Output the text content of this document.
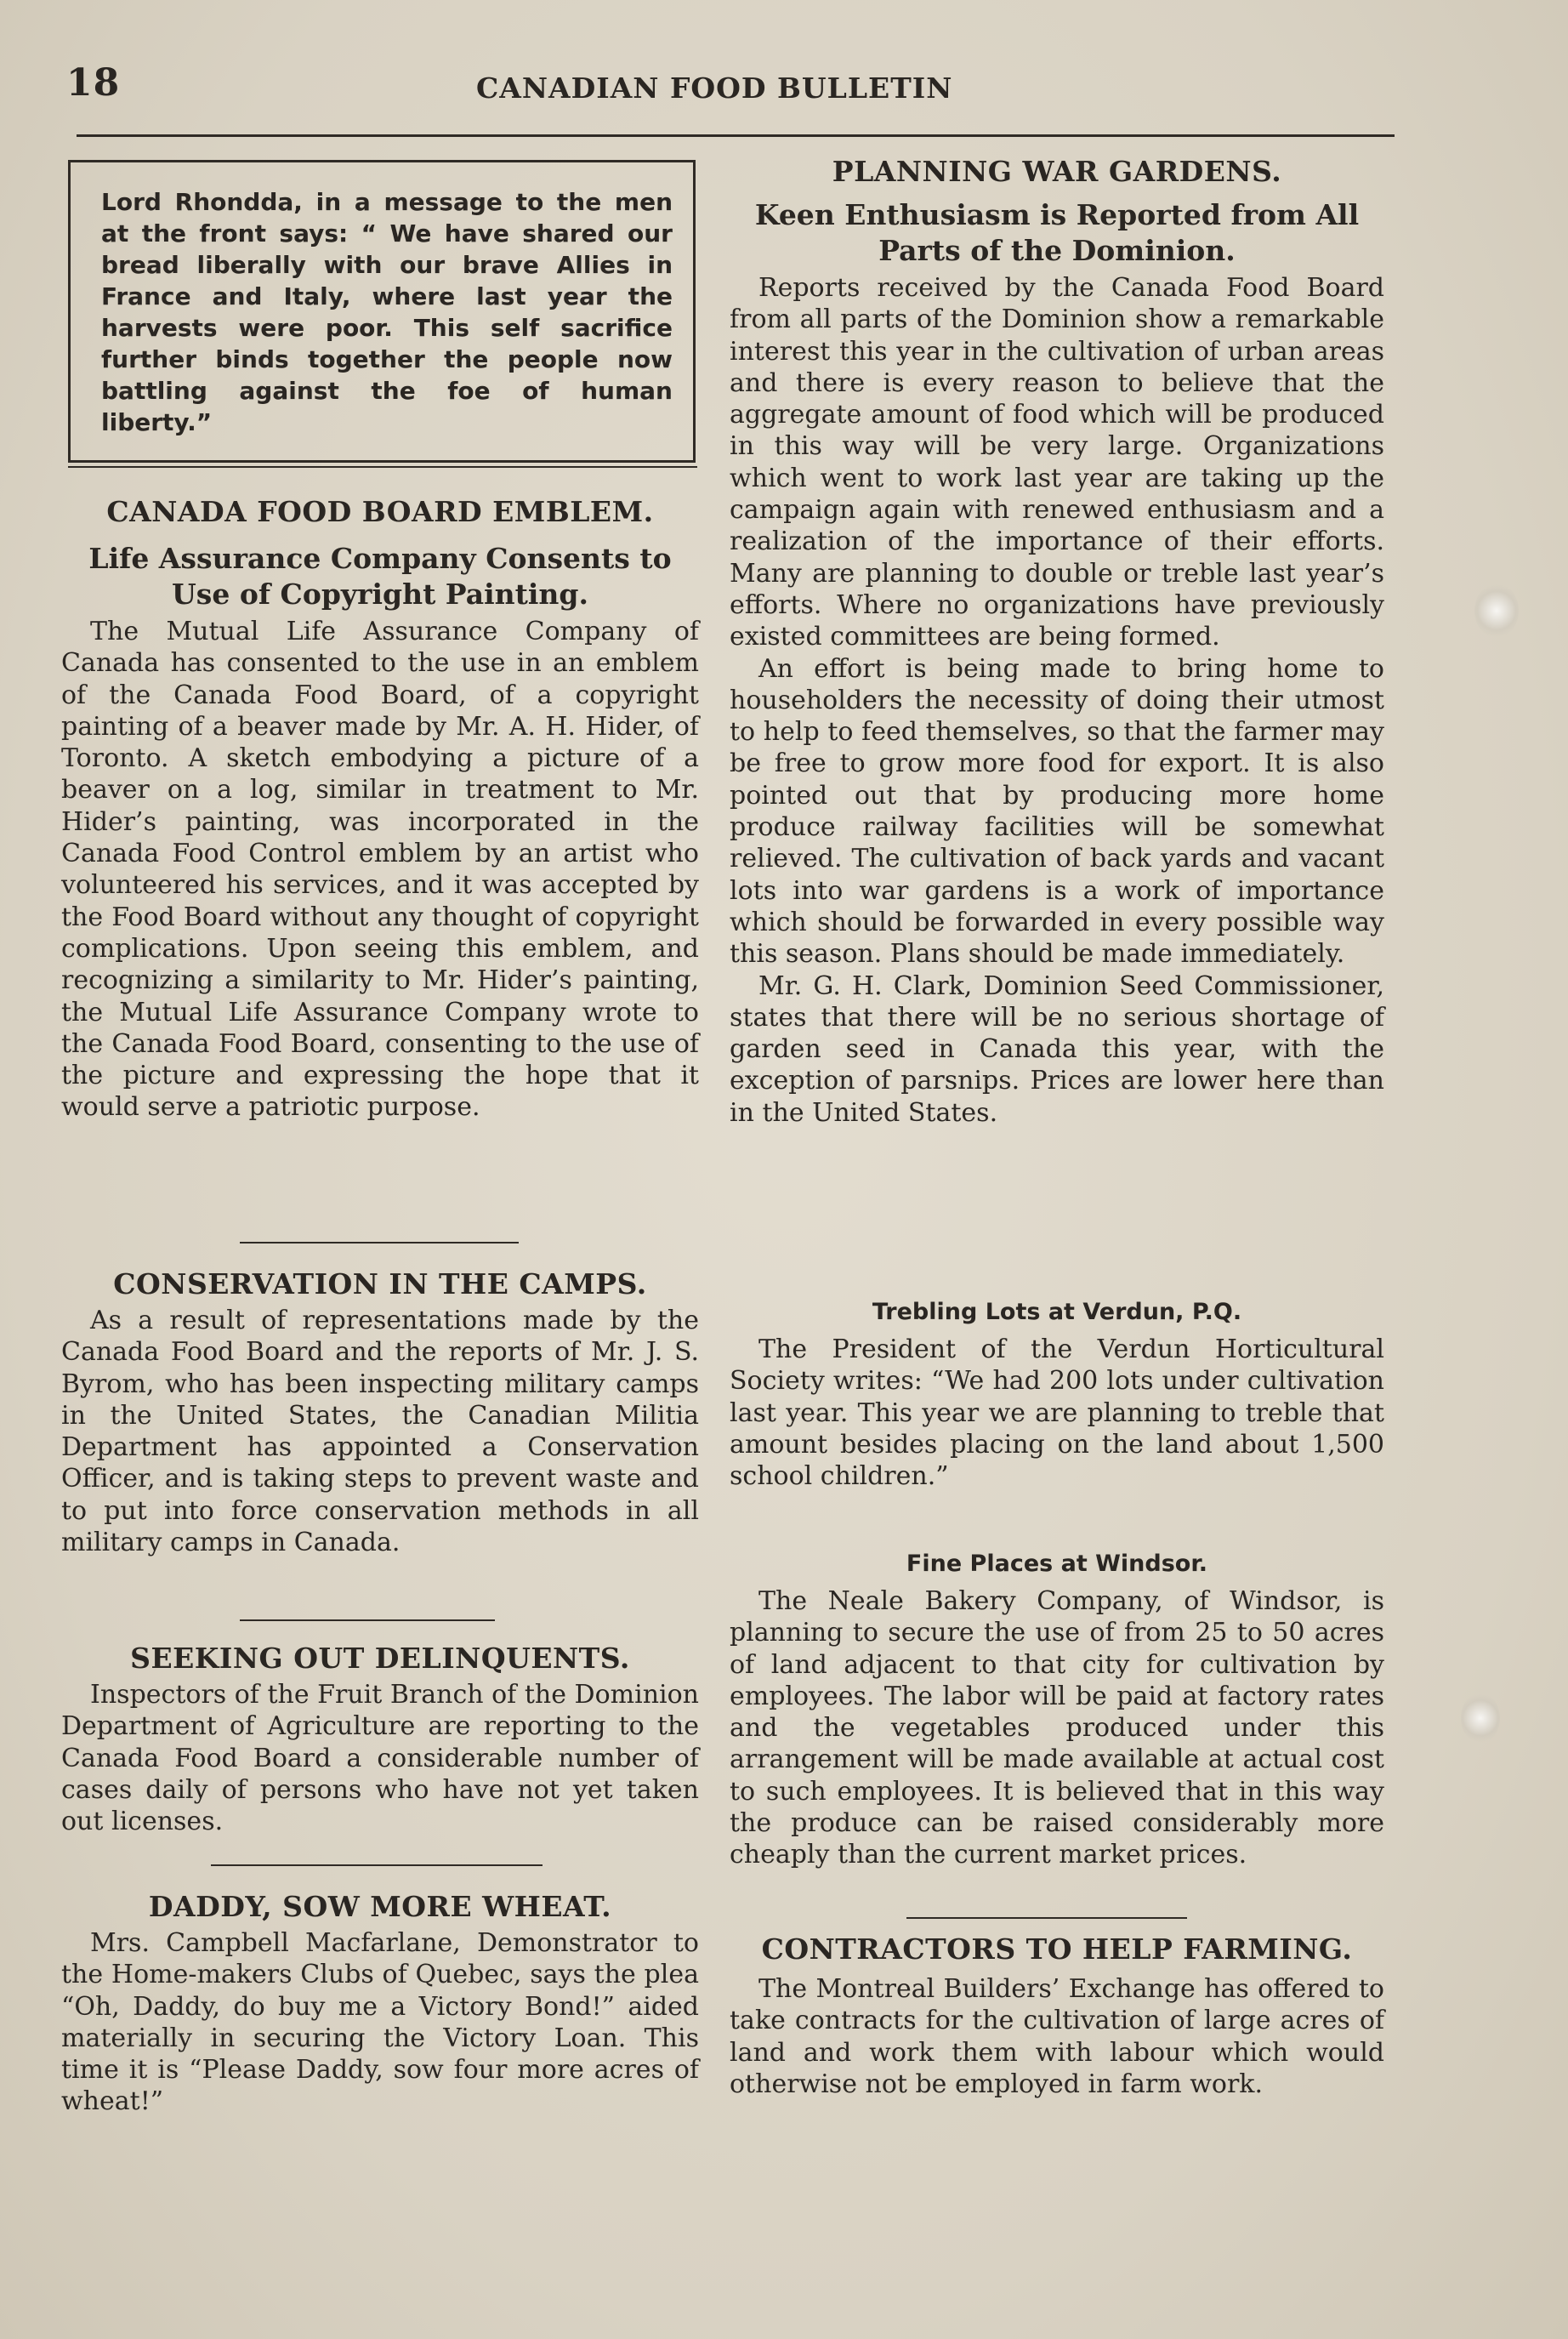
18	CANADIAN FOOD BULLETIN

Lord Rhondda, in a message to the men at the front says: “ We have shared our bread liberally with our brave Allies in France and Italy, where last year the harvests were poor. This self sacrifice further binds together the people now battling against the foe of human liberty.”

CANADA FOOD BOARD EMBLEM.
Life Assurance Company Consents to Use of Copyright Painting.

The Mutual Life Assurance Company of Canada has consented to the use in an emblem of the Canada Food Board, of a copyright painting of a beaver made by Mr. A. H. Hider, of Toronto. A sketch embodying a picture of a beaver on a log, similar in treatment to Mr. Hider’s painting, was incorporated in the Canada Food Control emblem by an artist who volunteered his services, and it was accepted by the Food Board without any thought of copyright complications. Upon seeing this emblem, and recognizing a similarity to Mr. Hider’s painting, the Mutual Life Assurance Company wrote to the Canada Food Board, consenting to the use of the picture and expressing the hope that it would serve a patriotic purpose.

CONSERVATION IN THE CAMPS.

As a result of representations made by the Canada Food Board and the reports of Mr. J. S. Byrom, who has been inspecting military camps in the United States, the Canadian Militia Department has appointed a Conservation Officer, and is taking steps to prevent waste and to put into force conservation methods in all military camps in Canada.

SEEKING OUT DELINQUENTS.

Inspectors of the Fruit Branch of the Dominion Department of Agriculture are reporting to the Canada Food Board a considerable number of cases daily of persons who have not yet taken out licenses.

DADDY, SOW MORE WHEAT.

Mrs. Campbell Macfarlane, Demonstrator to the Home-makers Clubs of Quebec, says the plea “Oh, Daddy, do buy me a Victory Bond!” aided materially in securing the Victory Loan. This time it is “Please Daddy, sow four more acres of wheat!”

PLANNING WAR GARDENS.
Keen Enthusiasm is Reported from All Parts of the Dominion.

Reports received by the Canada Food Board from all parts of the Dominion show a remarkable interest this year in the cultivation of urban areas and there is every reason to believe that the aggregate amount of food which will be produced in this way will be very large. Organizations which went to work last year are taking up the campaign again with renewed enthusiasm and a realization of the importance of their efforts. Many are planning to double or treble last year’s efforts. Where no organizations have previously existed committees are being formed.

An effort is being made to bring home to householders the necessity of doing their utmost to help to feed themselves, so that the farmer may be free to grow more food for export. It is also pointed out that by producing more home produce railway facilities will be somewhat relieved. The cultivation of back yards and vacant lots into war gardens is a work of importance which should be forwarded in every possible way this season. Plans should be made immediately.

Mr. G. H. Clark, Dominion Seed Commissioner, states that there will be no serious shortage of garden seed in Canada this year, with the exception of parsnips. Prices are lower here than in the United States.

Trebling Lots at Verdun, P.Q.

The President of the Verdun Horticultural Society writes: “We had 200 lots under cultivation last year. This year we are planning to treble that amount besides placing on the land about 1,500 school children.”

Fine Places at Windsor.

The Neale Bakery Company, of Windsor, is planning to secure the use of from 25 to 50 acres of land adjacent to that city for cultivation by employees. The labor will be paid at factory rates and the vegetables produced under this arrangement will be made available at actual cost to such employees. It is believed that in this way the produce can be raised considerably more cheaply than the current market prices.

CONTRACTORS TO HELP FARMING.

The Montreal Builders’ Exchange has offered to take contracts for the cultivation of large acres of land and work them with labour which would otherwise not be employed in farm work.
